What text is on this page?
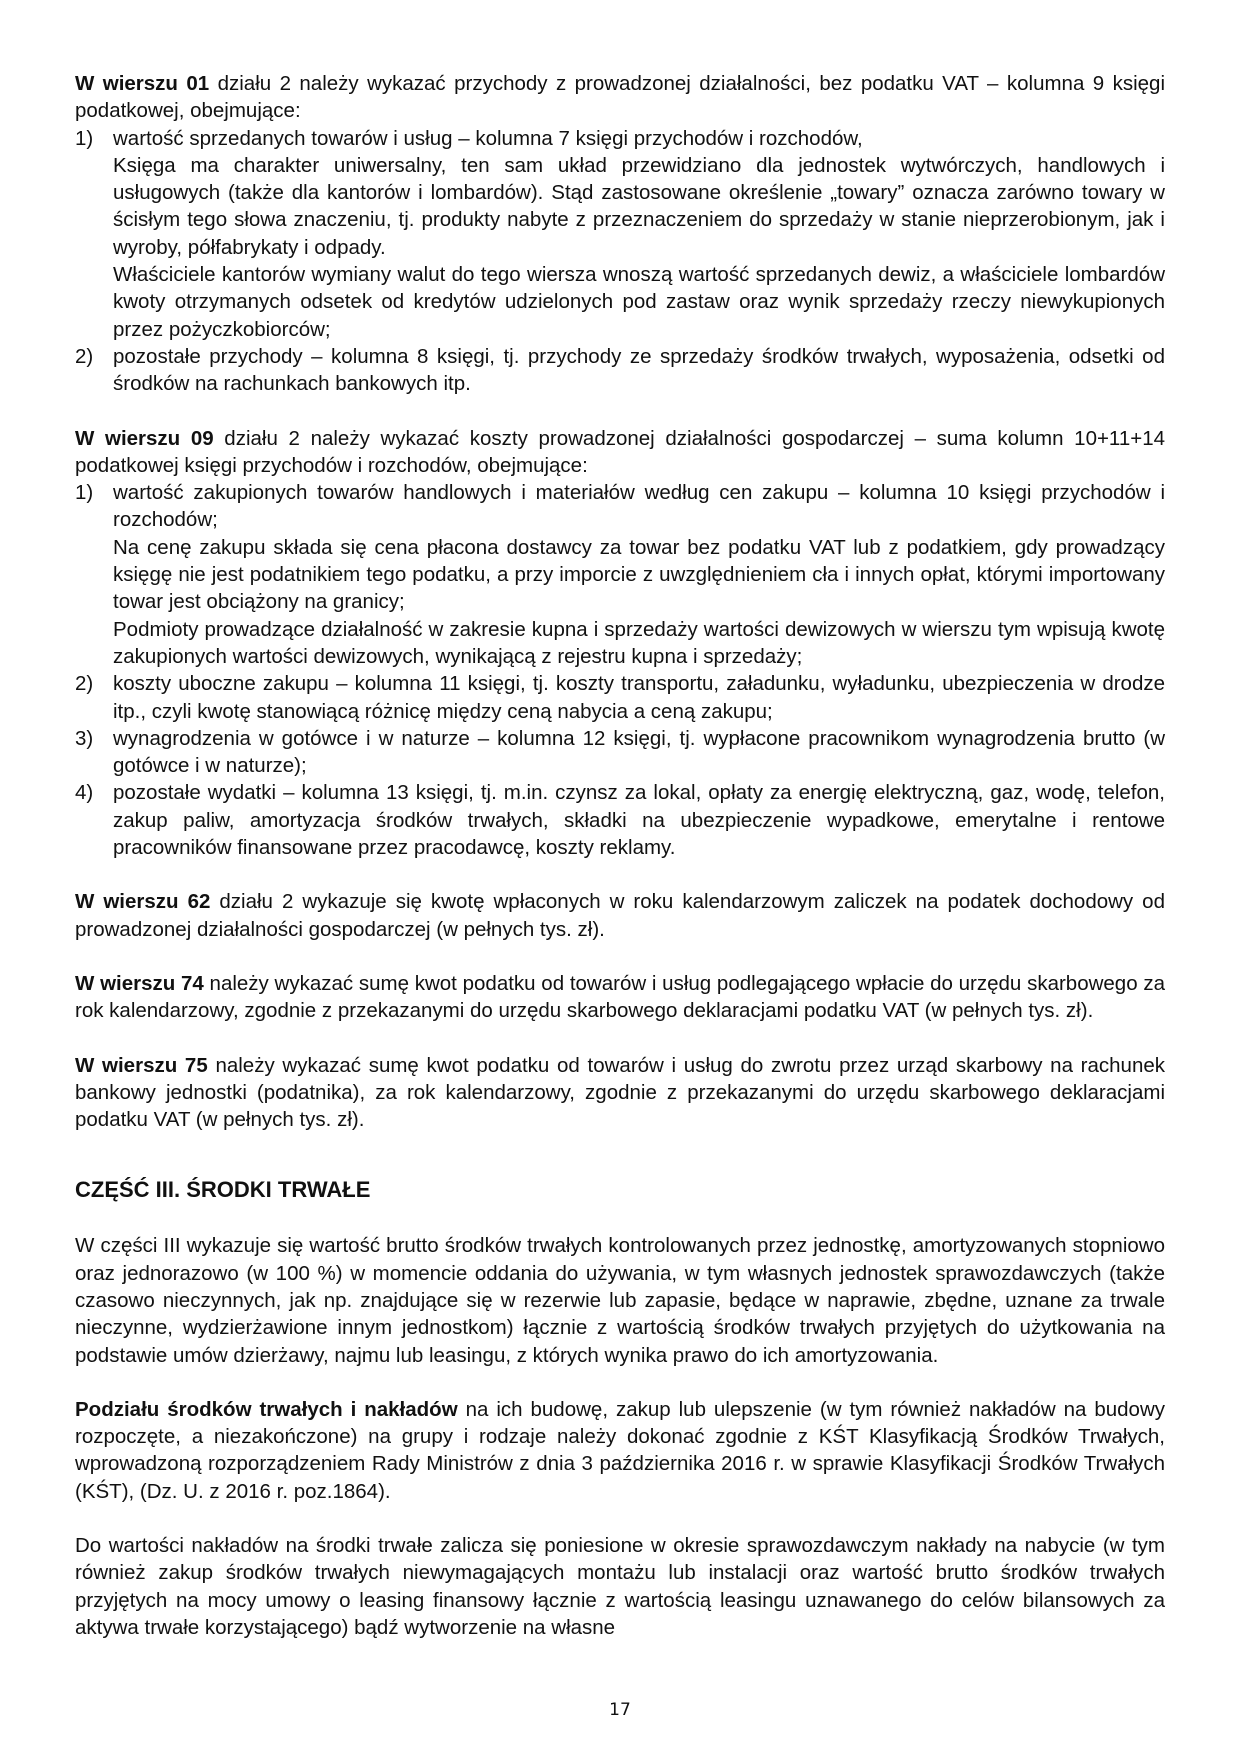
W wierszu 01 działu 2 należy wykazać przychody z prowadzonej działalności, bez podatku VAT – kolumna 9 księgi podatkowej, obejmujące:

1) wartość sprzedanych towarów i usług – kolumna 7 księgi przychodów i rozchodów,

Księga ma charakter uniwersalny, ten sam układ przewidziano dla jednostek wytwórczych, handlowych i usługowych (także dla kantorów i lombardów). Stąd zastosowane określenie „towary” oznacza zarówno towary w ścisłym tego słowa znaczeniu, tj. produkty nabyte z przeznaczeniem do sprzedaży w stanie nieprzerobionym, jak i wyroby, półfabrykaty i odpady.

Właściciele kantorów wymiany walut do tego wiersza wnoszą wartość sprzedanych dewiz, a właściciele lombardów kwoty otrzymanych odsetek od kredytów udzielonych pod zastaw oraz wynik sprzedaży rzeczy niewykupionych przez pożyczkobiorców;

2) pozostałe przychody – kolumna 8 księgi, tj. przychody ze sprzedaży środków trwałych, wyposażenia, odsetki od środków na rachunkach bankowych itp.

W wierszu 09 działu 2 należy wykazać koszty prowadzonej działalności gospodarczej – suma kolumn 10+11+14 podatkowej księgi przychodów i rozchodów, obejmujące:

1) wartość zakupionych towarów handlowych i materiałów według cen zakupu – kolumna 10 księgi przychodów i rozchodów;

Na cenę zakupu składa się cena płacona dostawcy za towar bez podatku VAT lub z podatkiem, gdy prowadzący księgę nie jest podatnikiem tego podatku, a przy imporcie z uwzględnieniem cła i innych opłat, którymi importowany towar jest obciążony na granicy;

Podmioty prowadzące działalność w zakresie kupna i sprzedaży wartości dewizowych w wierszu tym wpisują kwotę zakupionych wartości dewizowych, wynikającą z rejestru kupna i sprzedaży;

2) koszty uboczne zakupu – kolumna 11 księgi, tj. koszty transportu, załadunku, wyładunku, ubezpieczenia w drodze itp., czyli kwotę stanowiącą różnicę między ceną nabycia a ceną zakupu;
3) wynagrodzenia w gotówce i w naturze – kolumna 12 księgi, tj. wypłacone pracownikom wynagrodzenia brutto (w gotówce i w naturze);
4) pozostałe wydatki – kolumna 13 księgi, tj. m.in. czynsz za lokal, opłaty za energię elektryczną, gaz, wodę, telefon, zakup paliw, amortyzacja środków trwałych, składki na ubezpieczenie wypadkowe, emerytalne i rentowe pracowników finansowane przez pracodawcę, koszty reklamy.

W wierszu 62 działu 2 wykazuje się kwotę wpłaconych w roku kalendarzowym zaliczek na podatek dochodowy od prowadzonej działalności gospodarczej (w pełnych tys. zł).

W wierszu 74 należy wykazać sumę kwot podatku od towarów i usług podlegającego wpłacie do urzędu skarbowego za rok kalendarzowy, zgodnie z przekazanymi do urzędu skarbowego deklaracjami podatku VAT (w pełnych tys. zł).

W wierszu 75 należy wykazać sumę kwot podatku od towarów i usług do zwrotu przez urząd skarbowy na rachunek bankowy jednostki (podatnika), za rok kalendarzowy, zgodnie z przekazanymi do urzędu skarbowego deklaracjami podatku VAT (w pełnych tys. zł).

CZĘŚĆ III. ŚRODKI TRWAŁE

W części III wykazuje się wartość brutto środków trwałych kontrolowanych przez jednostkę, amortyzowanych stopniowo oraz jednorazowo (w 100 %) w momencie oddania do używania, w tym własnych jednostek sprawozdawczych (także czasowo nieczynnych, jak np. znajdujące się w rezerwie lub zapasie, będące w naprawie, zbędne, uznane za trwale nieczynne, wydzierżawione innym jednostkom) łącznie z wartością środków trwałych przyjętych do użytkowania na podstawie umów dzierżawy, najmu lub leasingu, z których wynika prawo do ich amortyzowania.

Podziału środków trwałych i nakładów na ich budowę, zakup lub ulepszenie (w tym również nakładów na budowy rozpoczęte, a niezakończone) na grupy i rodzaje należy dokonać zgodnie z KŚT Klasyfikacją Środków Trwałych, wprowadzoną rozporządzeniem Rady Ministrów z dnia 3 października 2016 r. w sprawie Klasyfikacji Środków Trwałych (KŚT), (Dz. U. z 2016 r. poz.1864).

Do wartości nakładów na środki trwałe zalicza się poniesione w okresie sprawozdawczym nakłady na nabycie (w tym również zakup środków trwałych niewymagających montażu lub instalacji oraz wartość brutto środków trwałych przyjętych na mocy umowy o leasing finansowy łącznie z wartością leasingu uznawanego do celów bilansowych za aktywa trwałe korzystającego) bądź wytworzenie na własne

17
